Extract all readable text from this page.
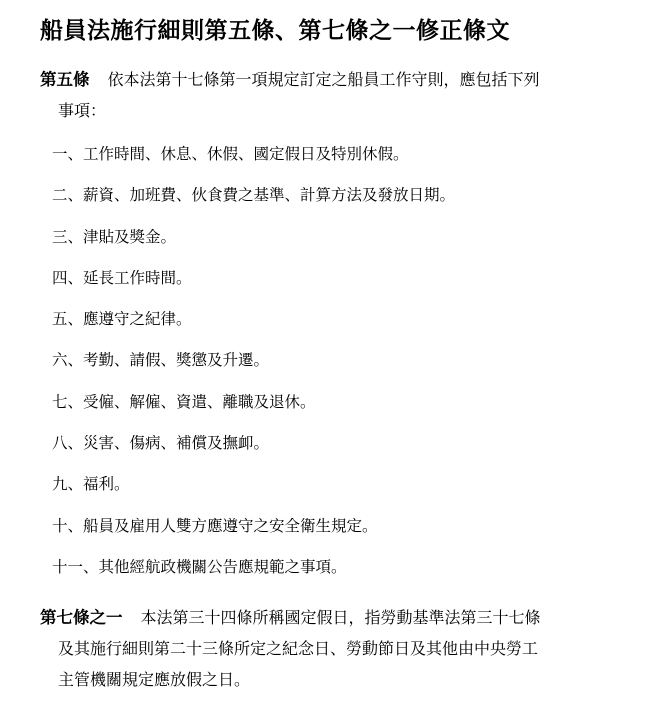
船員法施行細則第五條、第七條之一修正條文
第五條 依本法第十七條第一項規定訂定之船員工作守則，應包括下列
事項：
一、工作時間、休息、休假、國定假日及特別休假。
二、薪資、加班費、伙食費之基準、計算方法及發放日期。
三、津貼及獎金。
四、延長工作時間。
五、應遵守之紀律。
六、考勤、請假、獎懲及升遷。
七、受僱、解僱、資遣、離職及退休。
八、災害、傷病、補償及撫卹。
九、福利。
十、船員及雇用人雙方應遵守之安全衛生規定。
十一、其他經航政機關公告應規範之事項。
第七條之一 本法第三十四條所稱國定假日，指勞動基準法第三十七條
及其施行細則第二十三條所定之紀念日、勞動節日及其他由中央勞工
主管機關規定應放假之日。
